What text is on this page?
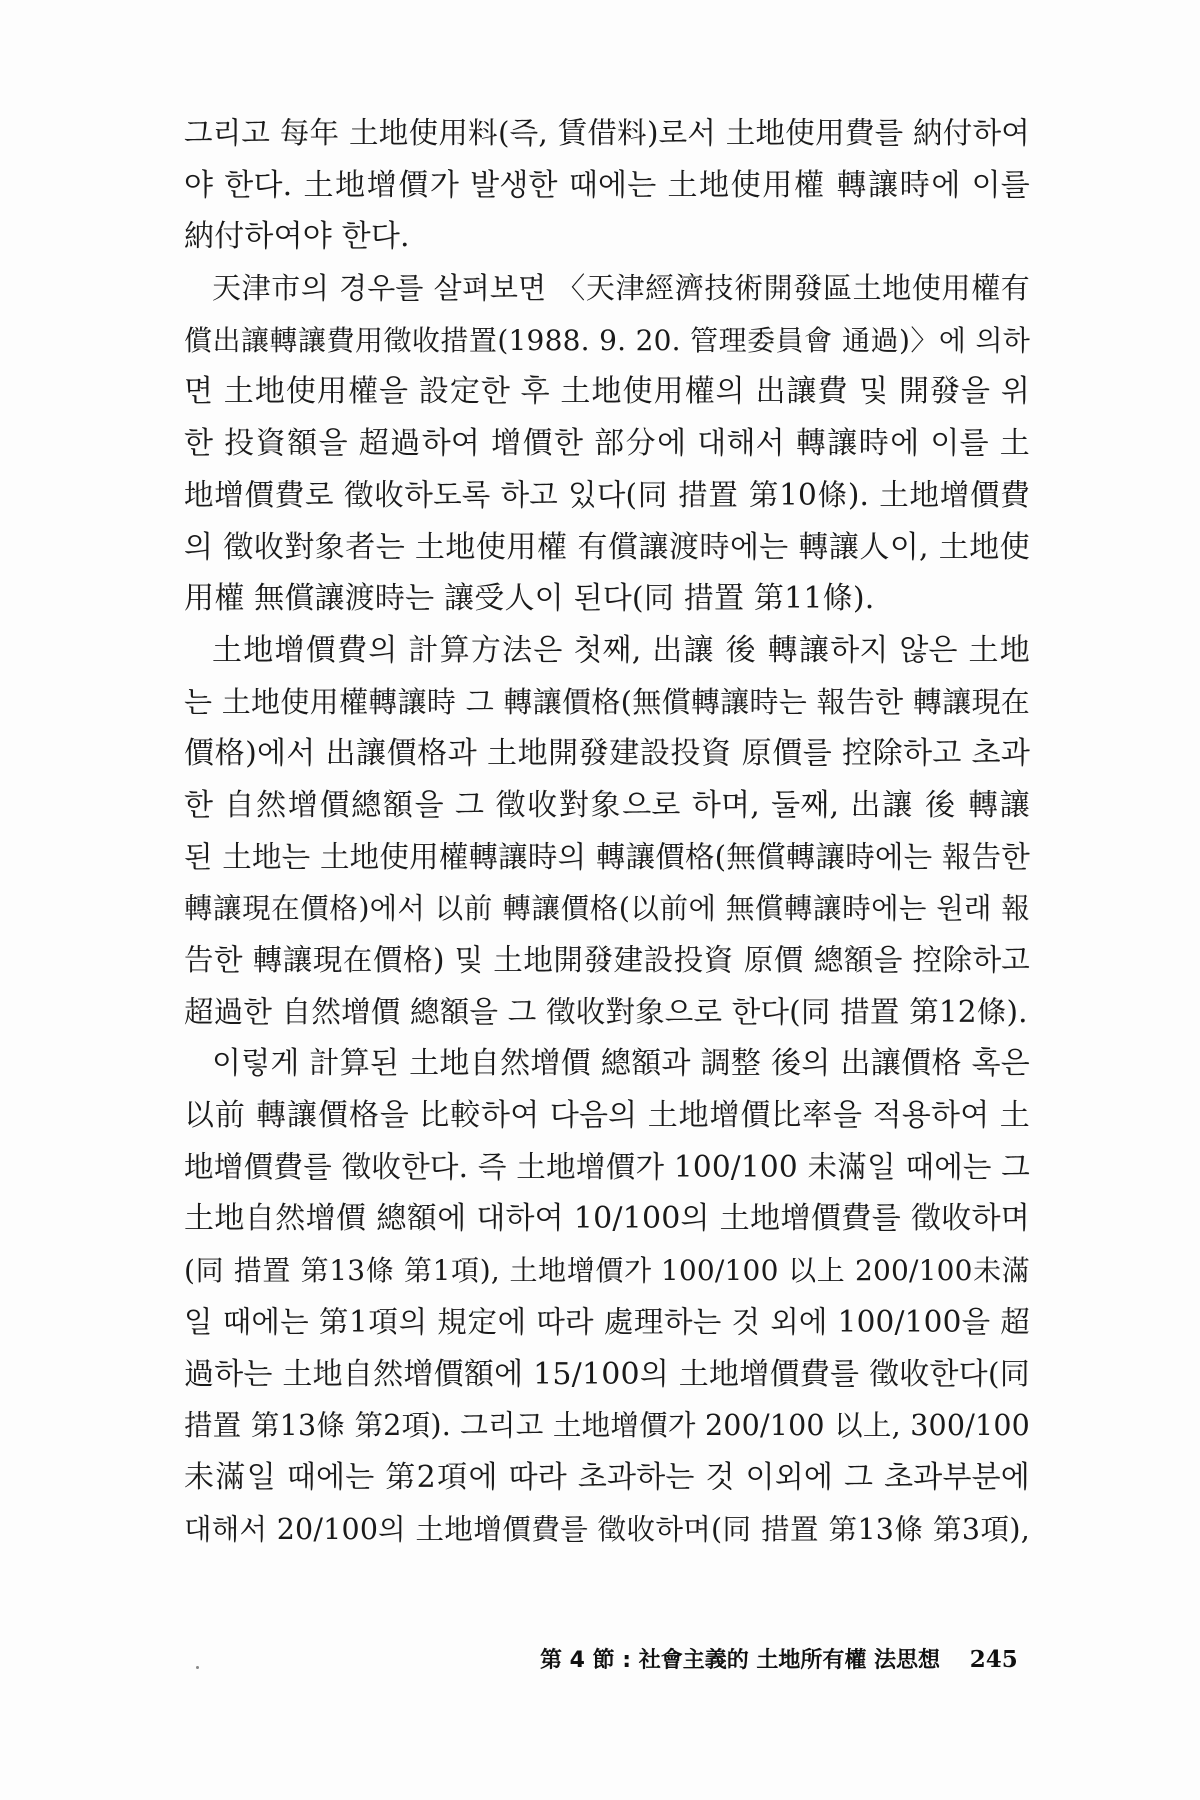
그리고 每年 土地使用料(즉, 賃借料)로서 土地使用費를 納付하여
야 한다. 土地增價가 발생한 때에는 土地使用權 轉讓時에 이를
納付하여야 한다.
天津市의 경우를 살펴보면 〈天津經濟技術開發區土地使用權有
償出讓轉讓費用徵收措置(1988. 9. 20. 管理委員會 通過)〉에 의하
면 土地使用權을 設定한 후 土地使用權의 出讓費 및 開發을 위
한 投資額을 超過하여 增價한 部分에 대해서 轉讓時에 이를 土
地增價費로 徵收하도록 하고 있다(同 措置 第10條). 土地增價費
의 徵收對象者는 土地使用權 有償讓渡時에는 轉讓人이, 土地使
用權 無償讓渡時는 讓受人이 된다(同 措置 第11條).
土地增價費의 計算方法은 첫째, 出讓 後 轉讓하지 않은 土地
는 土地使用權轉讓時 그 轉讓價格(無償轉讓時는 報告한 轉讓現在
價格)에서 出讓價格과 土地開發建設投資 原價를 控除하고 초과
한 自然增價總額을 그 徵收對象으로 하며, 둘째, 出讓 後 轉讓
된 土地는 土地使用權轉讓時의 轉讓價格(無償轉讓時에는 報告한
轉讓現在價格)에서 以前 轉讓價格(以前에 無償轉讓時에는 원래 報
告한 轉讓現在價格) 및 土地開發建設投資 原價 總額을 控除하고
超過한 自然增價 總額을 그 徵收對象으로 한다(同 措置 第12條).
이렇게 計算된 土地自然增價 總額과 調整 後의 出讓價格 혹은
以前 轉讓價格을 比較하여 다음의 土地增價比率을 적용하여 土
地增價費를 徵收한다. 즉 土地增價가 100/100 未滿일 때에는 그
土地自然增價 總額에 대하여 10/100의 土地增價費를 徵收하며
(同 措置 第13條 第1項), 土地增價가 100/100 以上 200/100未滿
일 때에는 第1項의 規定에 따라 處理하는 것 외에 100/100을 超
過하는 土地自然增價額에 15/100의 土地增價費를 徵收한다(同
措置 第13條 第2項). 그리고 土地增價가 200/100 以上, 300/100
未滿일 때에는 第2項에 따라 초과하는 것 이외에 그 초과부분에
대해서 20/100의 土地增價費를 徵收하며(同 措置 第13條 第3項),
第 4 節 : 社會主義的 土地所有權 法思想 245
